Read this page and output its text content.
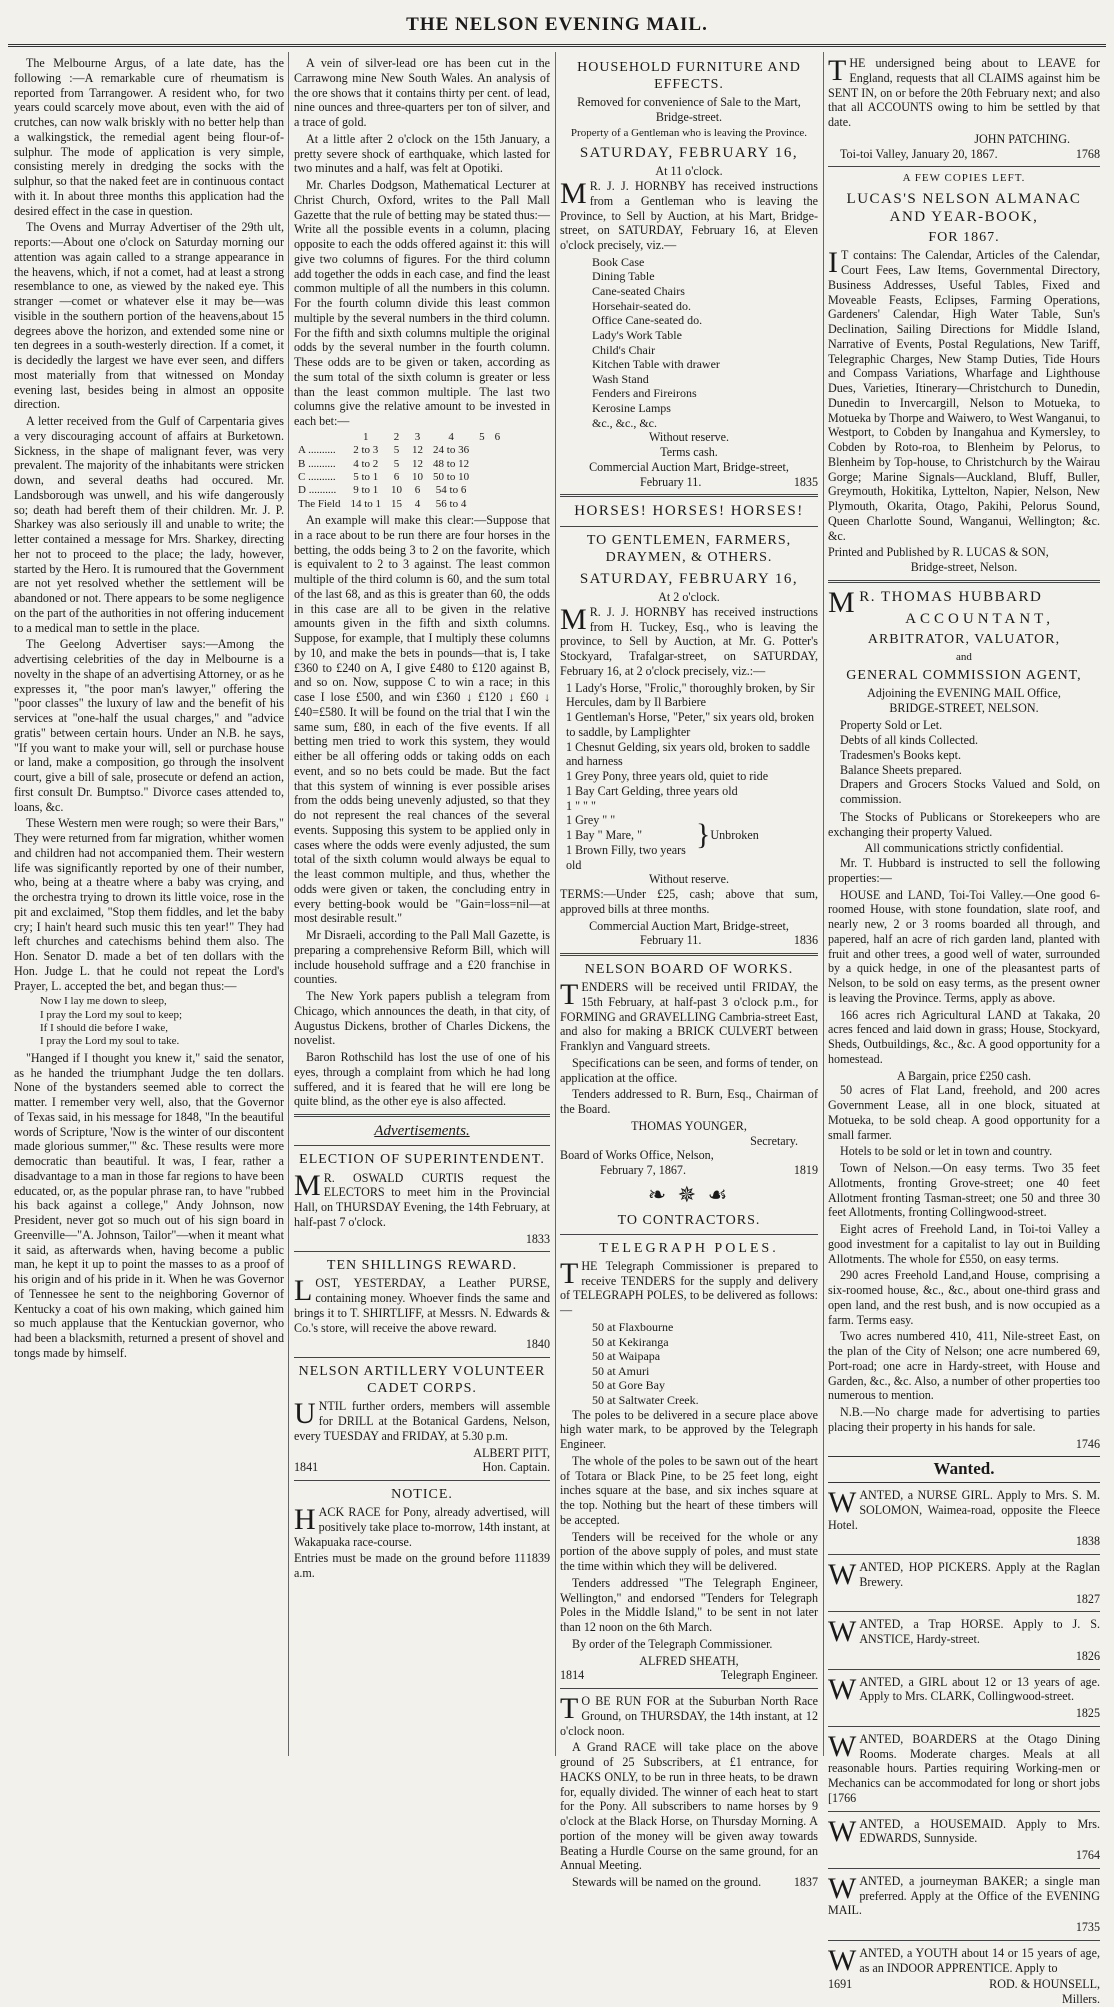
THE NELSON EVENING MAIL.

The Melbourne Argus, of a late date, has the following :—A remarkable cure of rheumatism is reported from Tarrangower. A resident who, for two years could scarcely move about, even with the aid of crutches, can now walk briskly with no better help than a walkingstick, the remedial agent being flour-of-sulphur. The mode of application is very simple, consisting merely in dredging the socks with the sulphur, so that the naked feet are in continuous contact with it. In about three months this application had the desired effect in the case in question.

The Ovens and Murray Advertiser of the 29th ult, reports:—About one o'clock on Saturday morning our attention was again called to a strange appearance in the heavens, which, if not a comet, had at least a strong resemblance to one, as viewed by the naked eye. This stranger —comet or whatever else it may be—was visible in the southern portion of the heavens,about 15 degrees above the horizon, and extended some nine or ten degrees in a south-westerly direction. If a comet, it is decidedly the largest we have ever seen, and differs most materially from that witnessed on Monday evening last, besides being in almost an opposite direction.

A letter received from the Gulf of Carpentaria gives a very discouraging account of affairs at Burketown. Sickness, in the shape of malignant fever, was very prevalent. The majority of the inhabitants were stricken down, and several deaths had occured. Mr. Landsborough was unwell, and his wife dangerously so; death had bereft them of their children. Mr. J. P. Sharkey was also seriously ill and unable to write; the letter contained a message for Mrs. Sharkey, directing her not to proceed to the place; the lady, however, started by the Hero. It is rumoured that the Government are not yet resolved whether the settlement will be abandoned or not. There appears to be some negligence on the part of the authorities in not offering inducement to a medical man to settle in the place.

The Geelong Advertiser says:—Among the advertising celebrities of the day in Melbourne is a novelty in the shape of an advertising Attorney, or as he expresses it, "the poor man's lawyer," offering the "poor classes" the luxury of law and the benefit of his services at "one-half the usual charges," and "advice gratis" between certain hours. Under an N.B. he says, "If you want to make your will, sell or purchase house or land, make a composition, go through the insolvent court, give a bill of sale, prosecute or defend an action, first consult Dr. Bumptso." Divorce cases attended to, loans, &c.

These Western men were rough; so were their Bars," They were returned from far migration, whither women and children had not accompanied them. Their western life was significantly reported by one of their number, who, being at a theatre where a baby was crying, and the orchestra trying to drown its little voice, rose in the pit and exclaimed, "Stop them fiddles, and let the baby cry; I hain't heard such music this ten year!" They had left churches and catechisms behind them also. The Hon. Senator D. made a bet of ten dollars with the Hon. Judge L. that he could not repeat the Lord's Prayer, L. accepted the bet, and began thus:—

Now I lay me down to sleep,
I pray the Lord my soul to keep;
If I should die before I wake,
I pray the Lord my soul to take.

"Hanged if I thought you knew it," said the senator, as he handed the triumphant Judge the ten dollars. None of the bystanders seemed able to correct the matter. I remember very well, also, that the Governor of Texas said, in his message for 1848, "In the beautiful words of Scripture, 'Now is the winter of our discontent made glorious summer,'" &c. These results were more democratic than beautiful. It was, I fear, rather a disadvantage to a man in those far regions to have been educated, or, as the popular phrase ran, to have "rubbed his back against a college," Andy Johnson, now President, never got so much out of his sign board in Greenville—"A. Johnson, Tailor"—when it meant what it said, as afterwards when, having become a public man, he kept it up to point the masses to as a proof of his origin and of his pride in it. When he was Governor of Tennessee he sent to the neighboring Governor of Kentucky a coat of his own making, which gained him so much applause that the Kentuckian governor, who had been a blacksmith, returned a present of shovel and tongs made by himself.

A vein of silver-lead ore has been cut in the Carrawong mine New South Wales. An analysis of the ore shows that it contains thirty per cent. of lead, nine ounces and three-quarters per ton of silver, and a trace of gold.

At a little after 2 o'clock on the 15th January, a pretty severe shock of earthquake, which lasted for two minutes and a half, was felt at Opotiki.

Mr. Charles Dodgson, Mathematical Lecturer at Christ Church, Oxford, writes to the Pall Mall Gazette that the rule of betting may be stated thus:—Write all the possible events in a column, placing opposite to each the odds offered against it: this will give two columns of figures. For the third column add together the odds in each case, and find the least common multiple of all the numbers in this column. For the fourth column divide this least common multiple by the several numbers in the third column. For the fifth and sixth columns multiple the original odds by the several number in the fourth column. These odds are to be given or taken, according as the sum total of the sixth column is greater or less than the least common multiple. The last two columns give the relative amount to be invested in each bet:—

	1	2	3	4	5	6
A ..........	2 to 3	5	12	24 to 36		
B ..........	4 to 2	5	12	48 to 12		
C ..........	5 to 1	6	10	50 to 10		
D ..........	9 to 1	10	6	54 to 6		
The Field	14 to 1	15	4	56 to 4		

An example will make this clear:—Suppose that in a race about to be run there are four horses in the betting, the odds being 3 to 2 on the favorite, which is equivalent to 2 to 3 against. The least common multiple of the third column is 60, and the sum total of the last 68, and as this is greater than 60, the odds in this case are all to be given in the relative amounts given in the fifth and sixth columns. Suppose, for example, that I multiply these columns by 10, and make the bets in pounds—that is, I take £360 to £240 on A, I give £480 to £120 against B, and so on. Now, suppose C to win a race; in this case I lose £500, and win £360 ↓ £120 ↓ £60 ↓ £40=£580. It will be found on the trial that I win the same sum, £80, in each of the five events. If all betting men tried to work this system, they would either be all offering odds or taking odds on each event, and so no bets could be made. But the fact that this system of winning is ever possible arises from the odds being unevenly adjusted, so that they do not represent the real chances of the several events. Supposing this system to be applied only in cases where the odds were evenly adjusted, the sum total of the sixth column would always be equal to the least common multiple, and thus, whether the odds were given or taken, the concluding entry in every betting-book would be "Gain=loss=nil—at most desirable result."

Mr Disraeli, according to the Pall Mall Gazette, is preparing a comprehensive Reform Bill, which will include household suffrage and a £20 franchise in counties.

The New York papers publish a telegram from Chicago, which announces the death, in that city, of Augustus Dickens, brother of Charles Dickens, the novelist.

Baron Rothschild has lost the use of one of his eyes, through a complaint from which he had long suffered, and it is feared that he will ere long be quite blind, as the other eye is also affected.

Advertisements.
ELECTION OF SUPERINTENDENT.

M R. OSWALD CURTIS request the ELECTORS to meet him in the Provincial Hall, on THURSDAY Evening, the 14th February, at half-past 7 o'clock.

1833
TEN SHILLINGS REWARD.

LOST, YESTERDAY, a Leather PURSE, containing money. Whoever finds the same and brings it to T. SHIRTLIFF, at Messrs. N. Edwards & Co.'s store, will receive the above reward.

1840
NELSON ARTILLERY VOLUNTEER CADET CORPS.

UNTIL further orders, members will assemble for DRILL at the Botanical Gardens, Nelson, every TUESDAY and FRIDAY, at 5.30 p.m.

ALBERT PITT,
1841	Hon. Captain.
NOTICE.

HACK RACE for Pony, already advertised, will positively take place to-morrow, 14th instant, at Wakapuaka race-course.

Entries must be made on the ground before 11 a.m.
1839
HOUSEHOLD FURNITURE AND EFFECTS.
Removed for convenience of Sale to the Mart, Bridge-street.
Property of a Gentleman who is leaving the Province.
SATURDAY, FEBRUARY 16,
At 11 o'clock.

M R. J. J. HORNBY has received instructions from a Gentleman who is leaving the Province, to Sell by Auction, at his Mart, Bridge-street, on SATURDAY, February 16, at Eleven o'clock precisely, viz.—

Book Case
Dining Table
Cane-seated Chairs
Horsehair-seated do.
Office Cane-seated do.
Lady's Work Table
Child's Chair
Kitchen Table with drawer
Wash Stand
Fenders and Fireirons
Kerosine Lamps
&c., &c., &c.
Without reserve.
Terms cash.
Commercial Auction Mart, Bridge-street,
February 11.	1835
HORSES! HORSES! HORSES!
TO GENTLEMEN, FARMERS, DRAYMEN, & OTHERS.
SATURDAY, FEBRUARY 16,
At 2 o'clock.

M R. J. J. HORNBY has received instructions from H. Tuckey, Esq., who is leaving the province, to Sell by Auction, at Mr. G. Potter's Stockyard, Trafalgar-street, on SATURDAY, February 16, at 2 o'clock precisely, viz.:—

1 Lady's Horse, "Frolic," thoroughly broken, by Sir Hercules, dam by Il Barbiere
1 Gentleman's Horse, "Peter," six years old, broken to saddle, by Lamplighter
1 Chesnut Gelding, six years old, broken to saddle and harness
1 Grey Pony, three years old, quiet to ride
1 Bay Cart Gelding, three years old
1 " " "
1 Grey " "
1 Bay " Mare, "
1 Brown Filly, two years old
} Unbroken
Without reserve.

TERMS:—Under £25, cash; above that sum, approved bills at three months.

Commercial Auction Mart, Bridge-street,
February 11.	1836
NELSON BOARD OF WORKS.

TENDERS will be received until FRIDAY, the 15th February, at half-past 3 o'clock p.m., for FORMING and GRAVELLING Cambria-street East, and also for making a BRICK CULVERT between Franklyn and Vanguard streets.

Specifications can be seen, and forms of tender, on application at the office.

Tenders addressed to R. Burn, Esq., Chairman of the Board.

THOMAS YOUNGER,
Secretary.
Board of Works Office, Nelson,
February 7, 1867.	1819
❧ ✵ ☙
TO CONTRACTORS.
TELEGRAPH POLES.

THE Telegraph Commissioner is prepared to receive TENDERS for the supply and delivery of TELEGRAPH POLES, to be delivered as follows:—

50 at Flaxbourne
50 at Kekiranga
50 at Waipapa
50 at Amuri
50 at Gore Bay
50 at Saltwater Creek.

The poles to be delivered in a secure place above high water mark, to be approved by the Telegraph Engineer.

The whole of the poles to be sawn out of the heart of Totara or Black Pine, to be 25 feet long, eight inches square at the base, and six inches square at the top. Nothing but the heart of these timbers will be accepted.

Tenders will be received for the whole or any portion of the above supply of poles, and must state the time within which they will be delivered.

Tenders addressed "The Telegraph Engineer, Wellington," and endorsed "Tenders for Telegraph Poles in the Middle Island," to be sent in not later than 12 noon on the 6th March.

By order of the Telegraph Commissioner.

ALFRED SHEATH,
1814	Telegraph Engineer.

T O BE RUN FOR at the Suburban North Race Ground, on THURSDAY, the 14th instant, at 12 o'clock noon.

A Grand RACE will take place on the above ground of 25 Subscribers, at £1 entrance, for HACKS ONLY, to be run in three heats, to be drawn for, equally divided. The winner of each heat to start for the Pony. All subscribers to name horses by 9 o'clock at the Black Horse, on Thursday Morning. A portion of the money will be given away towards Beating a Hurdle Course on the same ground, for an Annual Meeting.

Stewards will be named on the ground.	1837

THE undersigned being about to LEAVE for England, requests that all CLAIMS against him be SENT IN, on or before the 20th February next; and also that all ACCOUNTS owing to him be settled by that date.

JOHN PATCHING.
Toi-toi Valley, January 20, 1867.	1768
A FEW COPIES LEFT.
LUCAS'S NELSON ALMANAC AND YEAR-BOOK,
FOR 1867.

I T contains: The Calendar, Articles of the Calendar, Court Fees, Law Items, Governmental Directory, Business Addresses, Useful Tables, Fixed and Moveable Feasts, Eclipses, Farming Operations, Gardeners' Calendar, High Water Table, Sun's Declination, Sailing Directions for Middle Island, Narrative of Events, Postal Regulations, New Tariff, Telegraphic Charges, New Stamp Duties, Tide Hours and Compass Variations, Wharfage and Lighthouse Dues, Varieties, Itinerary—Christchurch to Dunedin, Dunedin to Invercargill, Nelson to Motueka, to Motueka by Thorpe and Waiwero, to West Wanganui, to Westport, to Cobden by Inangahua and Kymersley, to Cobden by Roto-roa, to Blenheim by Pelorus, to Blenheim by Top-house, to Christchurch by the Wairau Gorge; Marine Signals—Auckland, Bluff, Buller, Greymouth, Hokitika, Lyttelton, Napier, Nelson, New Plymouth, Okarita, Otago, Pakihi, Pelorus Sound, Queen Charlotte Sound, Wanganui, Wellington; &c. &c.

Printed and Published by R. LUCAS & SON,
Bridge-street, Nelson.
M R. THOMAS HUBBARD
ACCOUNTANT,
ARBITRATOR, VALUATOR,
and
GENERAL COMMISSION AGENT,
Adjoining the EVENING MAIL Office,
BRIDGE-STREET, NELSON.
Property Sold or Let.
Debts of all kinds Collected.
Tradesmen's Books kept.
Balance Sheets prepared.
Drapers and Grocers Stocks Valued and Sold, on commission.

The Stocks of Publicans or Storekeepers who are exchanging their property Valued.

All communications strictly confidential.

Mr. T. Hubbard is instructed to sell the following properties:—

HOUSE and LAND, Toi-Toi Valley.—One good 6-roomed House, with stone foundation, slate roof, and nearly new, 2 or 3 rooms boarded all through, and papered, half an acre of rich garden land, planted with fruit and other trees, a good well of water, surrounded by a quick hedge, in one of the pleasantest parts of Nelson, to be sold on easy terms, as the present owner is leaving the Province. Terms, apply as above.

166 acres rich Agricultural LAND at Takaka, 20 acres fenced and laid down in grass; House, Stockyard, Sheds, Outbuildings, &c., &c. A good opportunity for a homestead.

A Bargain, price £250 cash.

50 acres of Flat Land, freehold, and 200 acres Government Lease, all in one block, situated at Motueka, to be sold cheap. A good opportunity for a small farmer.

Hotels to be sold or let in town and country.

Town of Nelson.—On easy terms. Two 35 feet Allotments, fronting Grove-street; one 40 feet Allotment fronting Tasman-street; one 50 and three 30 feet Allotments, fronting Collingwood-street.

Eight acres of Freehold Land, in Toi-toi Valley a good investment for a capitalist to lay out in Building Allotments. The whole for £550, on easy terms.

290 acres Freehold Land,and House, comprising a six-roomed house, &c., &c., about one-third grass and open land, and the rest bush, and is now occupied as a farm. Terms easy.

Two acres numbered 410, 411, Nile-street East, on the plan of the City of Nelson; one acre numbered 69, Port-road; one acre in Hardy-street, with House and Garden, &c., &c. Also, a number of other properties too numerous to mention.

N.B.—No charge made for advertising to parties placing their property in his hands for sale.

1746
Wanted.

WANTED, a NURSE GIRL. Apply to Mrs. S. M. SOLOMON, Waimea-road, opposite the Fleece Hotel.

1838

WANTED, HOP PICKERS. Apply at the Raglan Brewery.

1827

WANTED, a Trap HORSE. Apply to J. S. ANSTICE, Hardy-street.

1826

WANTED, a GIRL about 12 or 13 years of age. Apply to Mrs. CLARK, Collingwood-street.

1825

WANTED, BOARDERS at the Otago Dining Rooms. Moderate charges. Meals at all reasonable hours. Parties requiring Working-men or Mechanics can be accommodated for long or short jobs [1766

WANTED, a HOUSEMAID. Apply to Mrs. EDWARDS, Sunnyside.

1764

WANTED, a journeyman BAKER; a single man preferred. Apply at the Office of the EVENING MAIL.

1735

WANTED, a YOUTH about 14 or 15 years of age, as an INDOOR APPRENTICE. Apply to

1691	ROD. & HOUNSELL,
Millers.
